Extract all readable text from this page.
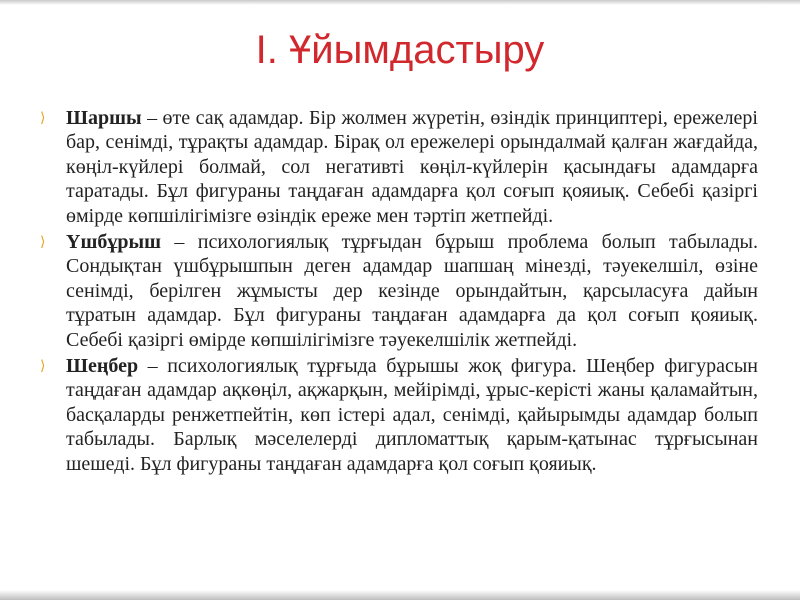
I. Ұйымдастыру
⟩	Шаршы – өте сақ адамдар. Бір жолмен жүретін, өзіндік принциптері, ережелері бар, сенімді, тұрақты адамдар. Бірақ ол ережелері орындалмай қалған жағдайда, көңіл-күйлері болмай, сол негативті көңіл-күйлерін қасындағы адамдарға таратады. Бұл фигураны таңдаған адамдарға қол соғып қояиық. Себебі қазіргі өмірде көпшілігімізге өзіндік ереже мен тәртіп жетпейді.
⟩	Үшбұрыш – психологиялық тұрғыдан бұрыш проблема болып табылады. Сондықтан үшбұрышпын деген адамдар шапшаң мінезді, тәуекелшіл, өзіне сенімді, берілген жұмысты дер кезінде орындайтын, қарсыласуға дайын тұратын адамдар. Бұл фигураны таңдаған адамдарға да қол соғып қояиық. Себебі қазіргі өмірде көпшілігімізге тәуекелшілік жетпейді.
⟩	Шеңбер – психологиялық тұрғыда бұрышы жоқ фигура. Шеңбер фигурасын таңдаған адамдар ақкөңіл, ақжарқын, мейірімді, ұрыс-керісті жаны қаламайтын, басқаларды ренжетпейтін, көп істері адал, сенімді, қайырымды адамдар болып табылады. Барлық мәселелерді дипломаттық қарым-қатынас тұрғысынан шешеді. Бұл фигураны таңдаған адамдарға қол соғып қояиық.
